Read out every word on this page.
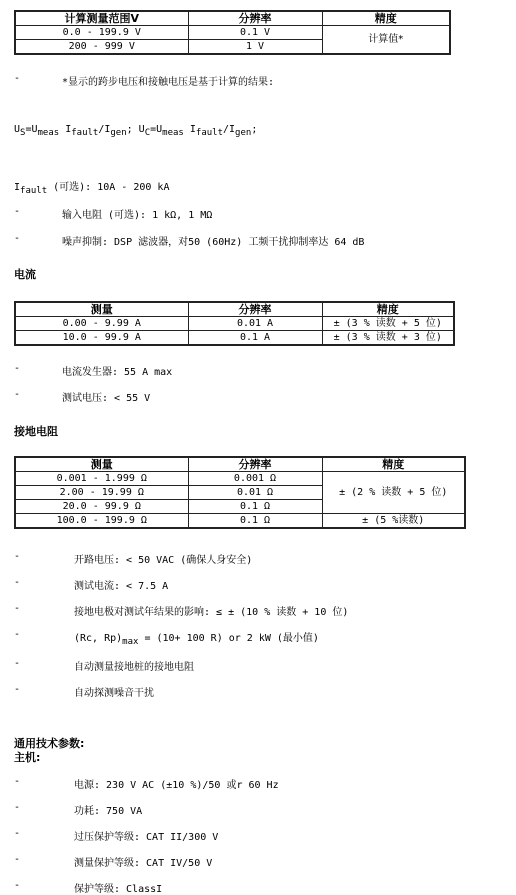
计算测量范围V	分辨率	精度
0.0 - 199.9 V	0.1 V	计算值*
200 - 999 V	1 V	
-	*显示的跨步电压和接触电压是基于计算的结果:
$U_S=U_{meas}$ $I_{fault}/I_{gen}$; $U_C=U_{meas}$ $I_{fault}/I_{gen}$;
$I_{fault}$ (可选): 10A - 200 kA
-	输入电阻 (可选): 1 kΩ, 1 MΩ
-	噪声抑制: DSP 滤波器，对50 (60Hz) 工频干扰抑制率达 64 dB
电流
测量	分辨率	精度
0.00 - 9.99 A	0.01 A	± (3 % 读数 + 5 位)
10.0 - 99.9 A	0.1 A	± (3 % 读数 + 3 位)
-	电流发生器: 55 A max
-	测试电压: < 55 V
接地电阻
测量	分辨率	精度
0.001 - 1.999 Ω	0.001 Ω	± (2 % 读数 + 5 位)
2.00 - 19.99 Ω	0.01 Ω	
20.0 - 99.9 Ω	0.1 Ω	
100.0 - 199.9 Ω	0.1 Ω	± (5 %读数)
-	开路电压: < 50 VAC (确保人身安全)
-	测试电流: < 7.5 A
-	接地电极对测试年结果的影响: ≤ ± (10 % 读数 + 10 位)
-	(Rc, $Rp)_{max} = (10+ 100$ R) or 2 kW (最小值)
-	自动测量接地桩的接地电阻
-	自动探测噪音干扰
通用技术参数:
主机:
-	电源: 230 V AC (±10 %)/50 或r 60 Hz
-	功耗: 750 VA
-	过压保护等级: CAT II/300 V
-	测量保护等级: CAT IV/50 V
-	保护等级: ClassI
